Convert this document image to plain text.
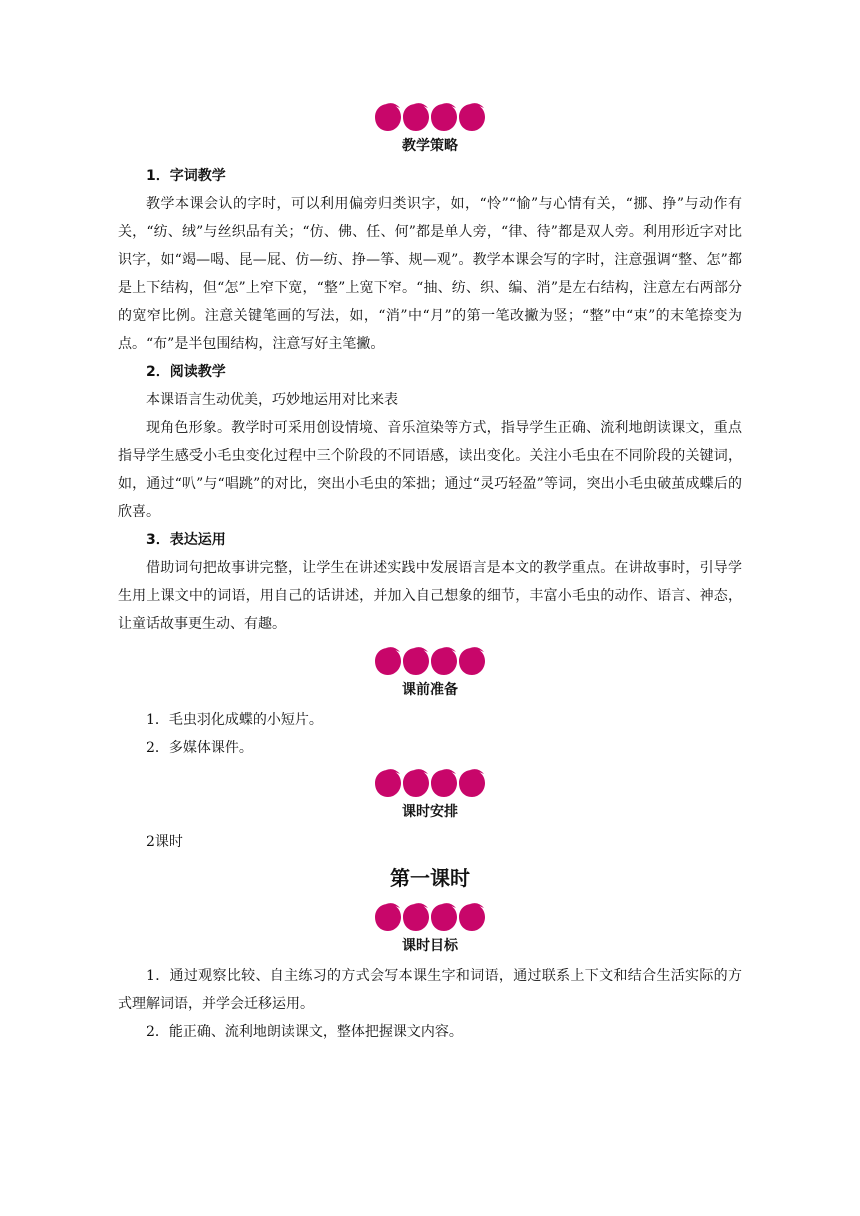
教学策略

1．字词教学

教学本课会认的字时，可以利用偏旁归类识字，如，“怜”“愉”与心情有关，“挪、挣”与动作有关，“纺、绒”与丝织品有关；“仿、佛、任、何”都是单人旁，“律、待”都是双人旁。利用形近字对比识字，如“竭—喝、昆—屁、仿—纺、挣—筝、规—观”。教学本课会写的字时，注意强调“整、怎”都是上下结构，但“怎”上窄下宽，“整”上宽下窄。“抽、纺、织、编、消”是左右结构，注意左右两部分的宽窄比例。注意关键笔画的写法，如，“消”中“月”的第一笔改撇为竖；“整”中“束”的末笔捺变为点。“布”是半包围结构，注意写好主笔撇。

2．阅读教学

本课语言生动优美，巧妙地运用对比来表

现角色形象。教学时可采用创设情境、音乐渲染等方式，指导学生正确、流利地朗读课文，重点指导学生感受小毛虫变化过程中三个阶段的不同语感，读出变化。关注小毛虫在不同阶段的关键词，如，通过“叭”与“唱跳”的对比，突出小毛虫的笨拙；通过“灵巧轻盈”等词，突出小毛虫破茧成蝶后的欣喜。

3．表达运用

借助词句把故事讲完整，让学生在讲述实践中发展语言是本文的教学重点。在讲故事时，引导学生用上课文中的词语，用自己的话讲述，并加入自己想象的细节，丰富小毛虫的动作、语言、神态，让童话故事更生动、有趣。

课前准备

1．毛虫羽化成蝶的小短片。

2．多媒体课件。

课时安排

2课时

第一课时
课时目标

1．通过观察比较、自主练习的方式会写本课生字和词语，通过联系上下文和结合生活实际的方式理解词语，并学会迁移运用。

2．能正确、流利地朗读课文，整体把握课文内容。
